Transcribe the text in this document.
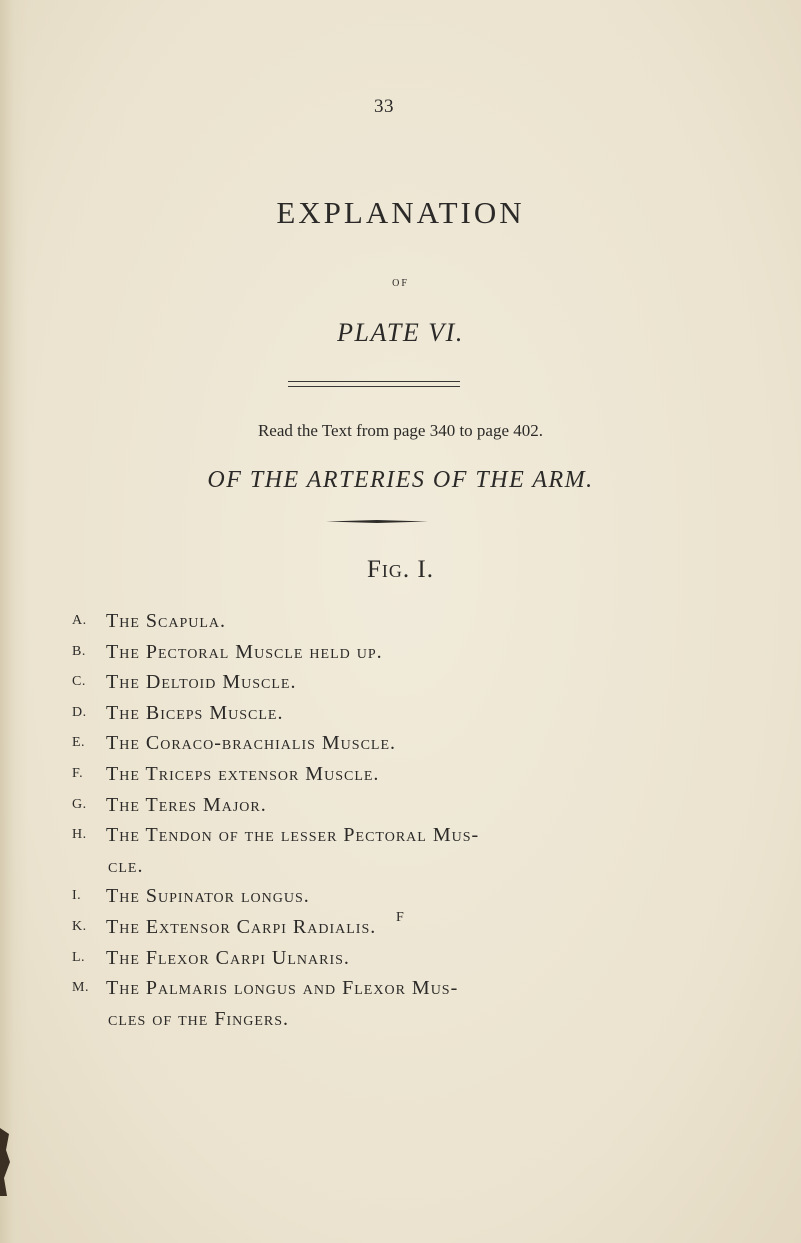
33
EXPLANATION
OF
PLATE VI.
Read the Text from page 340 to page 402.
OF THE ARTERIES OF THE ARM.
Fig. I.
A. The Scapula.
B.	The Pectoral Muscle held up.
C.	The Deltoid Muscle.
D. The Biceps Muscle.
E.	The Coraco-brachialis Muscle.
F.	The Triceps extensor Muscle.
G. The Teres Major.
H. The Tendon of the lesser Pectoral Mus-
cle.
I.	The Supinator longus.
K. The Extensor Carpi Radialis.
L.	The Flexor Carpi Ulnaris.
M. The Palmaris longus and Flexor Mus-
cles of the Fingers.
F
